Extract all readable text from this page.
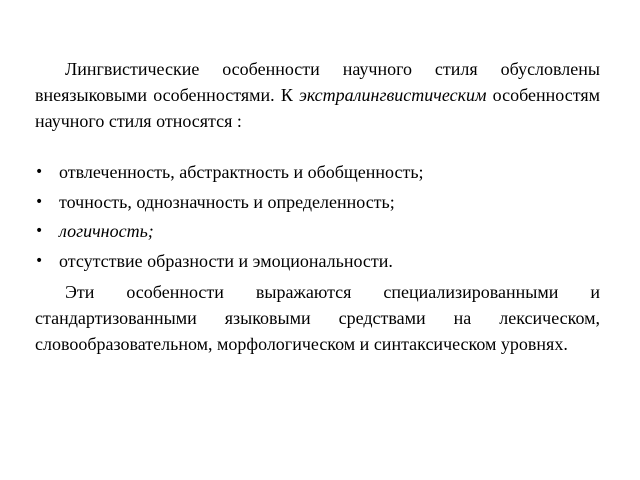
Лингвистические особенности научного стиля обусловлены внеязыковыми особенностями. К экстралингвистическим особенностям научного стиля относятся :

• отвлеченность, абстрактность и обобщенность;
• точность, однозначность и определенность;
• логичность;
• отсутствие образности и эмоциональности.

Эти особенности выражаются специализированными и стандартизованными языковыми средствами на лексическом, словообразовательном, морфологическом и синтаксическом уровнях.
